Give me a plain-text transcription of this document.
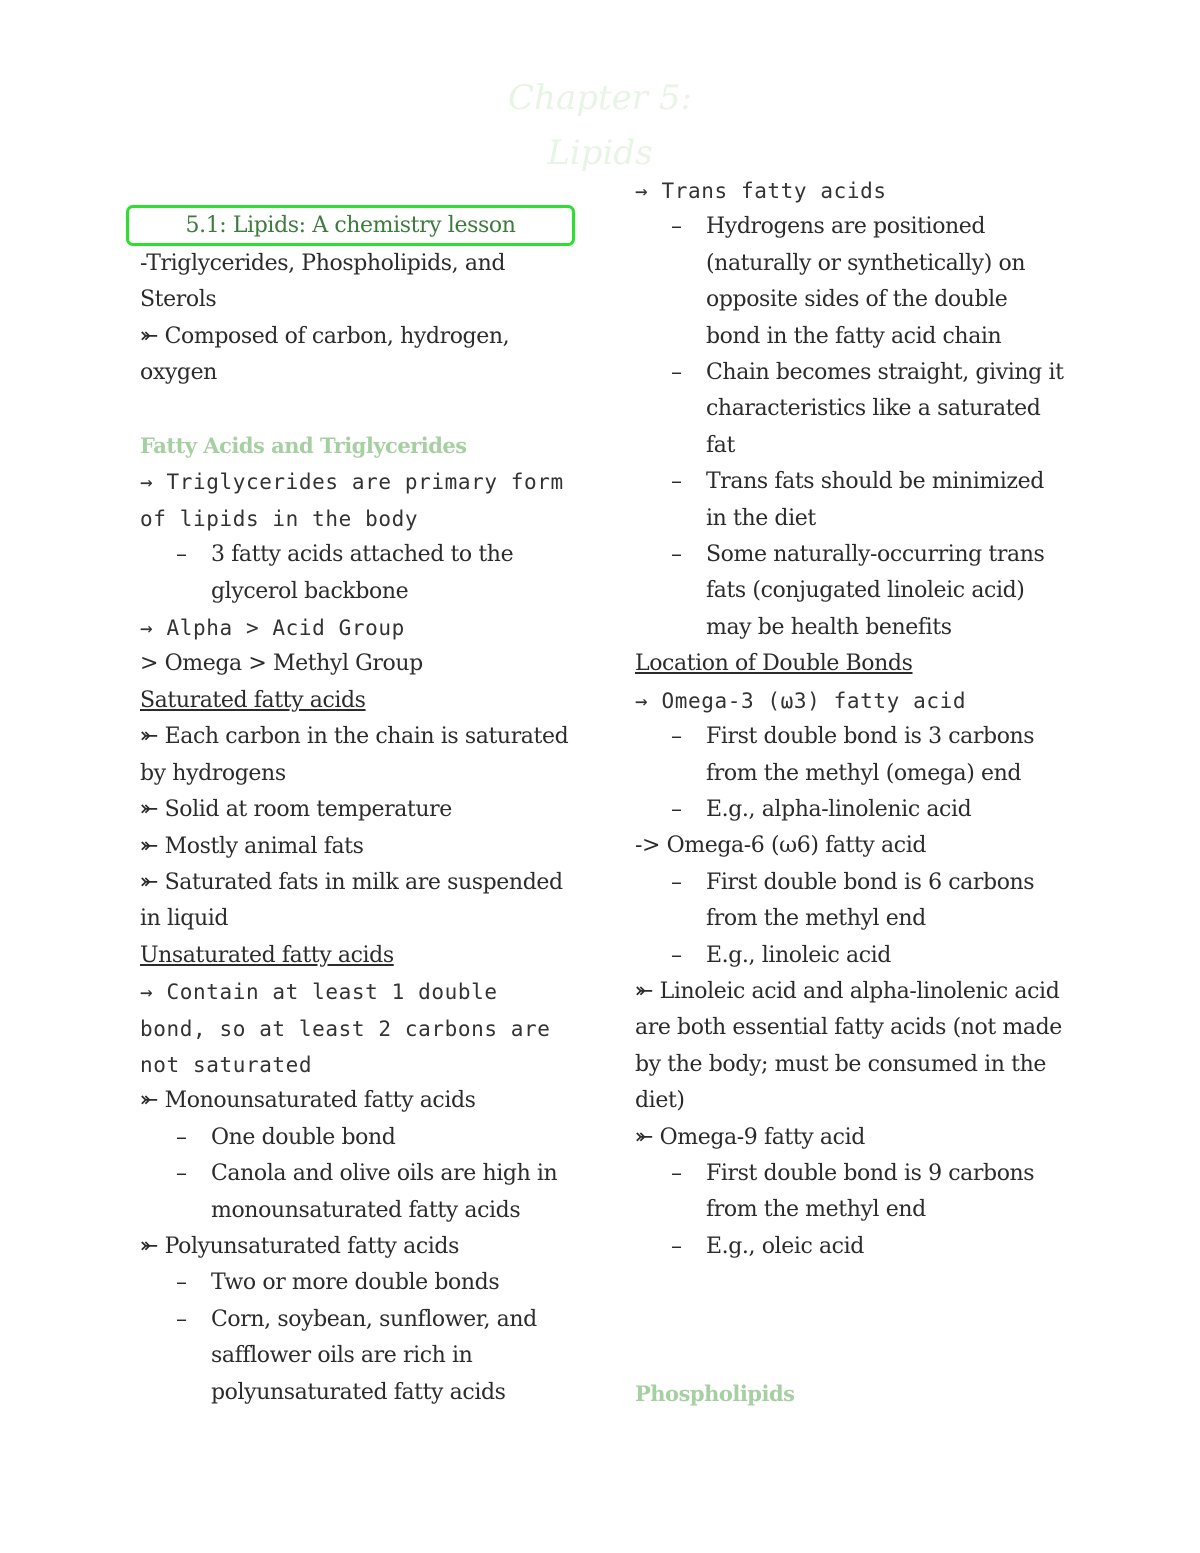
Chapter 5:
Lipids
5.1: Lipids: A chemistry lesson
-Triglycerides, Phospholipids, and
Sterols
⤜ Composed of carbon, hydrogen,
oxygen

Fatty Acids and Triglycerides
→ Triglycerides are primary form
of lipids in the body
– 3 fatty acids attached to the
glycerol backbone
→ Alpha > Acid Group
> Omega > Methyl Group
Saturated fatty acids
⤜ Each carbon in the chain is saturated
by hydrogens
⤜ Solid at room temperature
⤜ Mostly animal fats
⤜ Saturated fats in milk are suspended
in liquid
Unsaturated fatty acids
→ Contain at least 1 double
bond, so at least 2 carbons are
not saturated
⤜ Monounsaturated fatty acids
– One double bond
– Canola and olive oils are high in
monounsaturated fatty acids
⤜ Polyunsaturated fatty acids
– Two or more double bonds
– Corn, soybean, sunflower, and
safflower oils are rich in
polyunsaturated fatty acids
→ Trans fatty acids
– Hydrogens are positioned
(naturally or synthetically) on
opposite sides of the double
bond in the fatty acid chain
– Chain becomes straight, giving it
characteristics like a saturated
fat
– Trans fats should be minimized
in the diet
– Some naturally-occurring trans
fats (conjugated linoleic acid)
may be health benefits
Location of Double Bonds
→ Omega-3 (ω3) fatty acid
– First double bond is 3 carbons
from the methyl (omega) end
– E.g., alpha-linolenic acid
-> Omega-6 (ω6) fatty acid
– First double bond is 6 carbons
from the methyl end
– E.g., linoleic acid
⤜ Linoleic acid and alpha-linolenic acid
are both essential fatty acids (not made
by the body; must be consumed in the
diet)
⤜ Omega-9 fatty acid
– First double bond is 9 carbons
from the methyl end
– E.g., oleic acid
Phospholipids
